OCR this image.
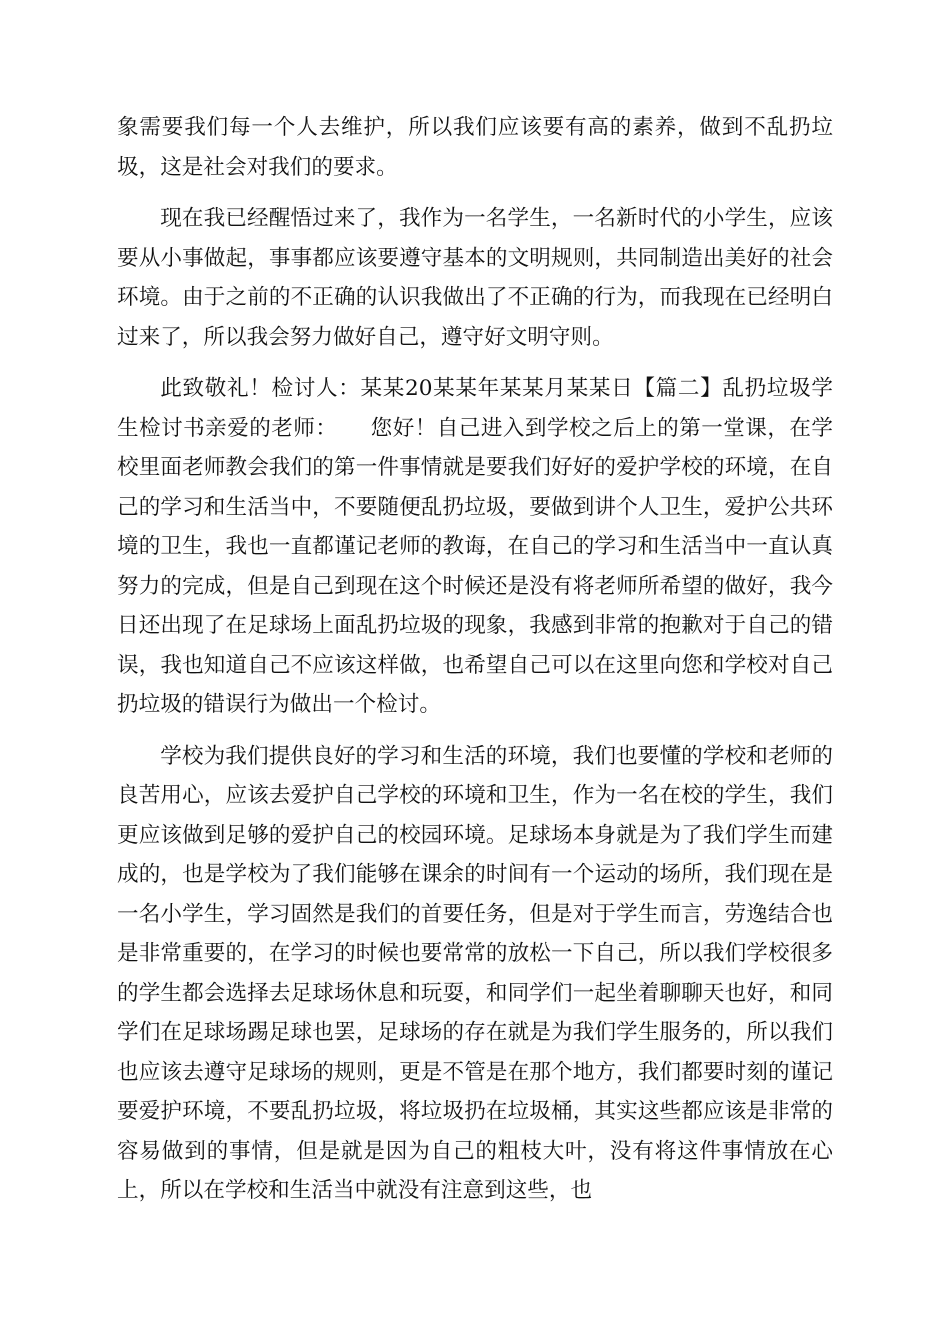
象需要我们每一个人去维护，所以我们应该要有高的素养，做到不乱扔垃圾，这是社会对我们的要求。

现在我已经醒悟过来了，我作为一名学生，一名新时代的小学生，应该要从小事做起，事事都应该要遵守基本的文明规则，共同制造出美好的社会环境。由于之前的不正确的认识我做出了不正确的行为，而我现在已经明白过来了，所以我会努力做好自己，遵守好文明守则。

此致敬礼！检讨人：某某20某某年某某月某某日【篇二】乱扔垃圾学生检讨书亲爱的老师：　　您好！自己进入到学校之后上的第一堂课，在学校里面老师教会我们的第一件事情就是要我们好好的爱护学校的环境，在自己的学习和生活当中，不要随便乱扔垃圾，要做到讲个人卫生，爱护公共环境的卫生，我也一直都谨记老师的教诲，在自己的学习和生活当中一直认真努力的完成，但是自己到现在这个时候还是没有将老师所希望的做好，我今日还出现了在足球场上面乱扔垃圾的现象，我感到非常的抱歉对于自己的错误，我也知道自己不应该这样做，也希望自己可以在这里向您和学校对自己扔垃圾的错误行为做出一个检讨。

学校为我们提供良好的学习和生活的环境，我们也要懂的学校和老师的良苦用心，应该去爱护自己学校的环境和卫生，作为一名在校的学生，我们更应该做到足够的爱护自己的校园环境。足球场本身就是为了我们学生而建成的，也是学校为了我们能够在课余的时间有一个运动的场所，我们现在是一名小学生，学习固然是我们的首要任务，但是对于学生而言，劳逸结合也是非常重要的，在学习的时候也要常常的放松一下自己，所以我们学校很多的学生都会选择去足球场休息和玩耍，和同学们一起坐着聊聊天也好，和同学们在足球场踢足球也罢，足球场的存在就是为我们学生服务的，所以我们也应该去遵守足球场的规则，更是不管是在那个地方，我们都要时刻的谨记要爱护环境，不要乱扔垃圾，将垃圾扔在垃圾桶，其实这些都应该是非常的容易做到的事情，但是就是因为自己的粗枝大叶，没有将这件事情放在心上，所以在学校和生活当中就没有注意到这些，也
